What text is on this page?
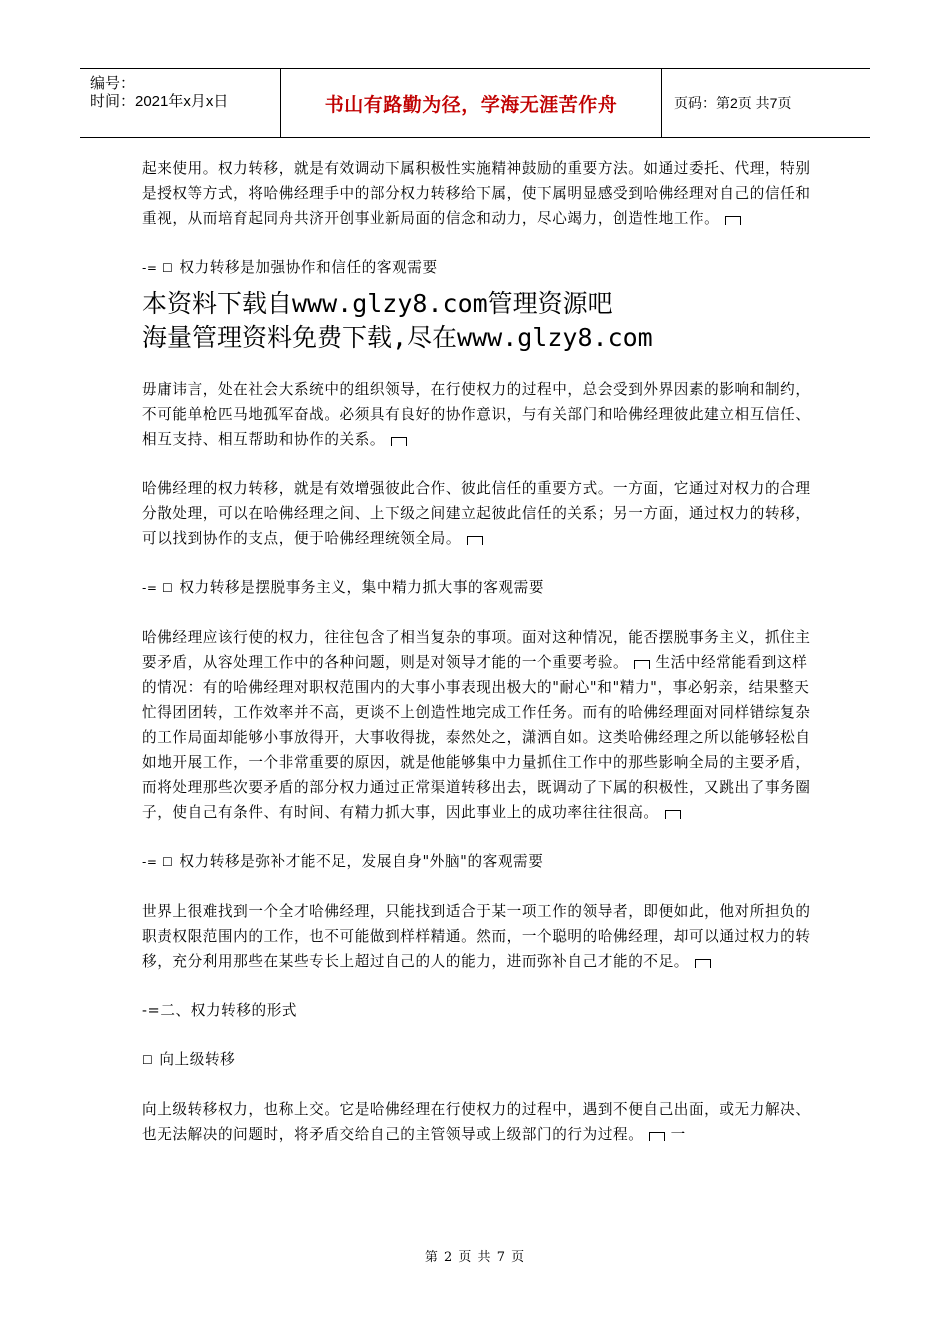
编号：
时间：2021年x月x日	书山有路勤为径，学海无涯苦作舟	页码：第2页 共7页

起来使用。权力转移，就是有效调动下属积极性实施精神鼓励的重要方法。如通过委托、代理，特别是授权等方式，将哈佛经理手中的部分权力转移给下属，使下属明显感受到哈佛经理对自己的信任和重视，从而培育起同舟共济开创事业新局面的信念和动力，尽心竭力，创造性地工作。

-= ☐ 权力转移是加强协作和信任的客观需要

本资料下载自www.glzy8.com管理资源吧
海量管理资料免费下载,尽在www.glzy8.com

毋庸讳言，处在社会大系统中的组织领导，在行使权力的过程中，总会受到外界因素的影响和制约，不可能单枪匹马地孤军奋战。必须具有良好的协作意识，与有关部门和哈佛经理彼此建立相互信任、相互支持、相互帮助和协作的关系。

哈佛经理的权力转移，就是有效增强彼此合作、彼此信任的重要方式。一方面，它通过对权力的合理分散处理，可以在哈佛经理之间、上下级之间建立起彼此信任的关系；另一方面，通过权力的转移，可以找到协作的支点，便于哈佛经理统领全局。

-= ☐ 权力转移是摆脱事务主义，集中精力抓大事的客观需要

哈佛经理应该行使的权力，往往包含了相当复杂的事项。面对这种情况，能否摆脱事务主义，抓住主要矛盾，从容处理工作中的各种问题，则是对领导才能的一个重要考验。 生活中经常能看到这样的情况：有的哈佛经理对职权范围内的大事小事表现出极大的"耐心"和"精力"，事必躬亲，结果整天忙得团团转，工作效率并不高，更谈不上创造性地完成工作任务。而有的哈佛经理面对同样错综复杂的工作局面却能够小事放得开，大事收得拢，泰然处之，潇洒自如。这类哈佛经理之所以能够轻松自如地开展工作，一个非常重要的原因，就是他能够集中力量抓住工作中的那些影响全局的主要矛盾，而将处理那些次要矛盾的部分权力通过正常渠道转移出去，既调动了下属的积极性，又跳出了事务圈子，使自己有条件、有时间、有精力抓大事，因此事业上的成功率往往很高。

-= ☐ 权力转移是弥补才能不足，发展自身"外脑"的客观需要

世界上很难找到一个全才哈佛经理，只能找到适合于某一项工作的领导者，即便如此，他对所担负的职责权限范围内的工作，也不可能做到样样精通。然而，一个聪明的哈佛经理，却可以通过权力的转移，充分利用那些在某些专长上超过自己的人的能力，进而弥补自己才能的不足。

-=二、权力转移的形式

☐ 向上级转移

向上级转移权力，也称上交。它是哈佛经理在行使权力的过程中，遇到不便自己出面，或无力解决、也无法解决的问题时，将矛盾交给自己的主管领导或上级部门的行为过程。 一

第 2 页 共 7 页
